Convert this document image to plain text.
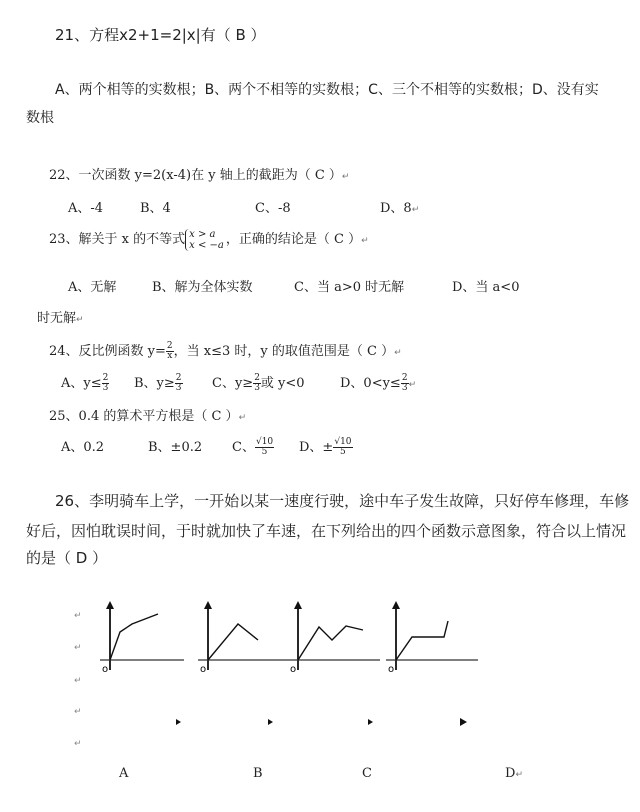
21、方程x2+1=2|x|有（ B ）
A、两个相等的实数根；B、两个不相等的实数根；C、三个不相等的实数根；D、没有实
数根
22、一次函数 y=2(x-4)在 y 轴上的截距为（ C ）↵
A、-4	B、4	C、-8	D、8↵
23、解关于 x 的不等式 x > a
x < −a ，正确的结论是（ C ）↵
A、无解	B、解为全体实数	C、当 a>0 时无解	D、当 a<0
时无解↵
24、反比例函数 $y= \frac{2}{x}$ ，当 x≤3 时，y 的取值范围是（ C ）↵
A、$y\le \frac{2}{3}$ B、$y\ge \frac{2}{3}$ C、$y\ge \frac{2}{3}$ 或 y<0	D、$0<y\le \frac{2}{3}$ ↵
25、0.4 的算术平方根是（ C ）↵
A、0.2	B、±0.2 C、 $\frac{√10}{5}$ D、± $\frac{√10}{5}$
26、李明骑车上学，一开始以某一速度行驶，途中车子发生故障，只好停车修理，车修
好后，因怕耽误时间，于时就加快了车速，在下列给出的四个函数示意图象，符合以上情况
的是（ D ）
↵
↵
↵
↵
↵
o	o	o	o
A	B	C	D↵
